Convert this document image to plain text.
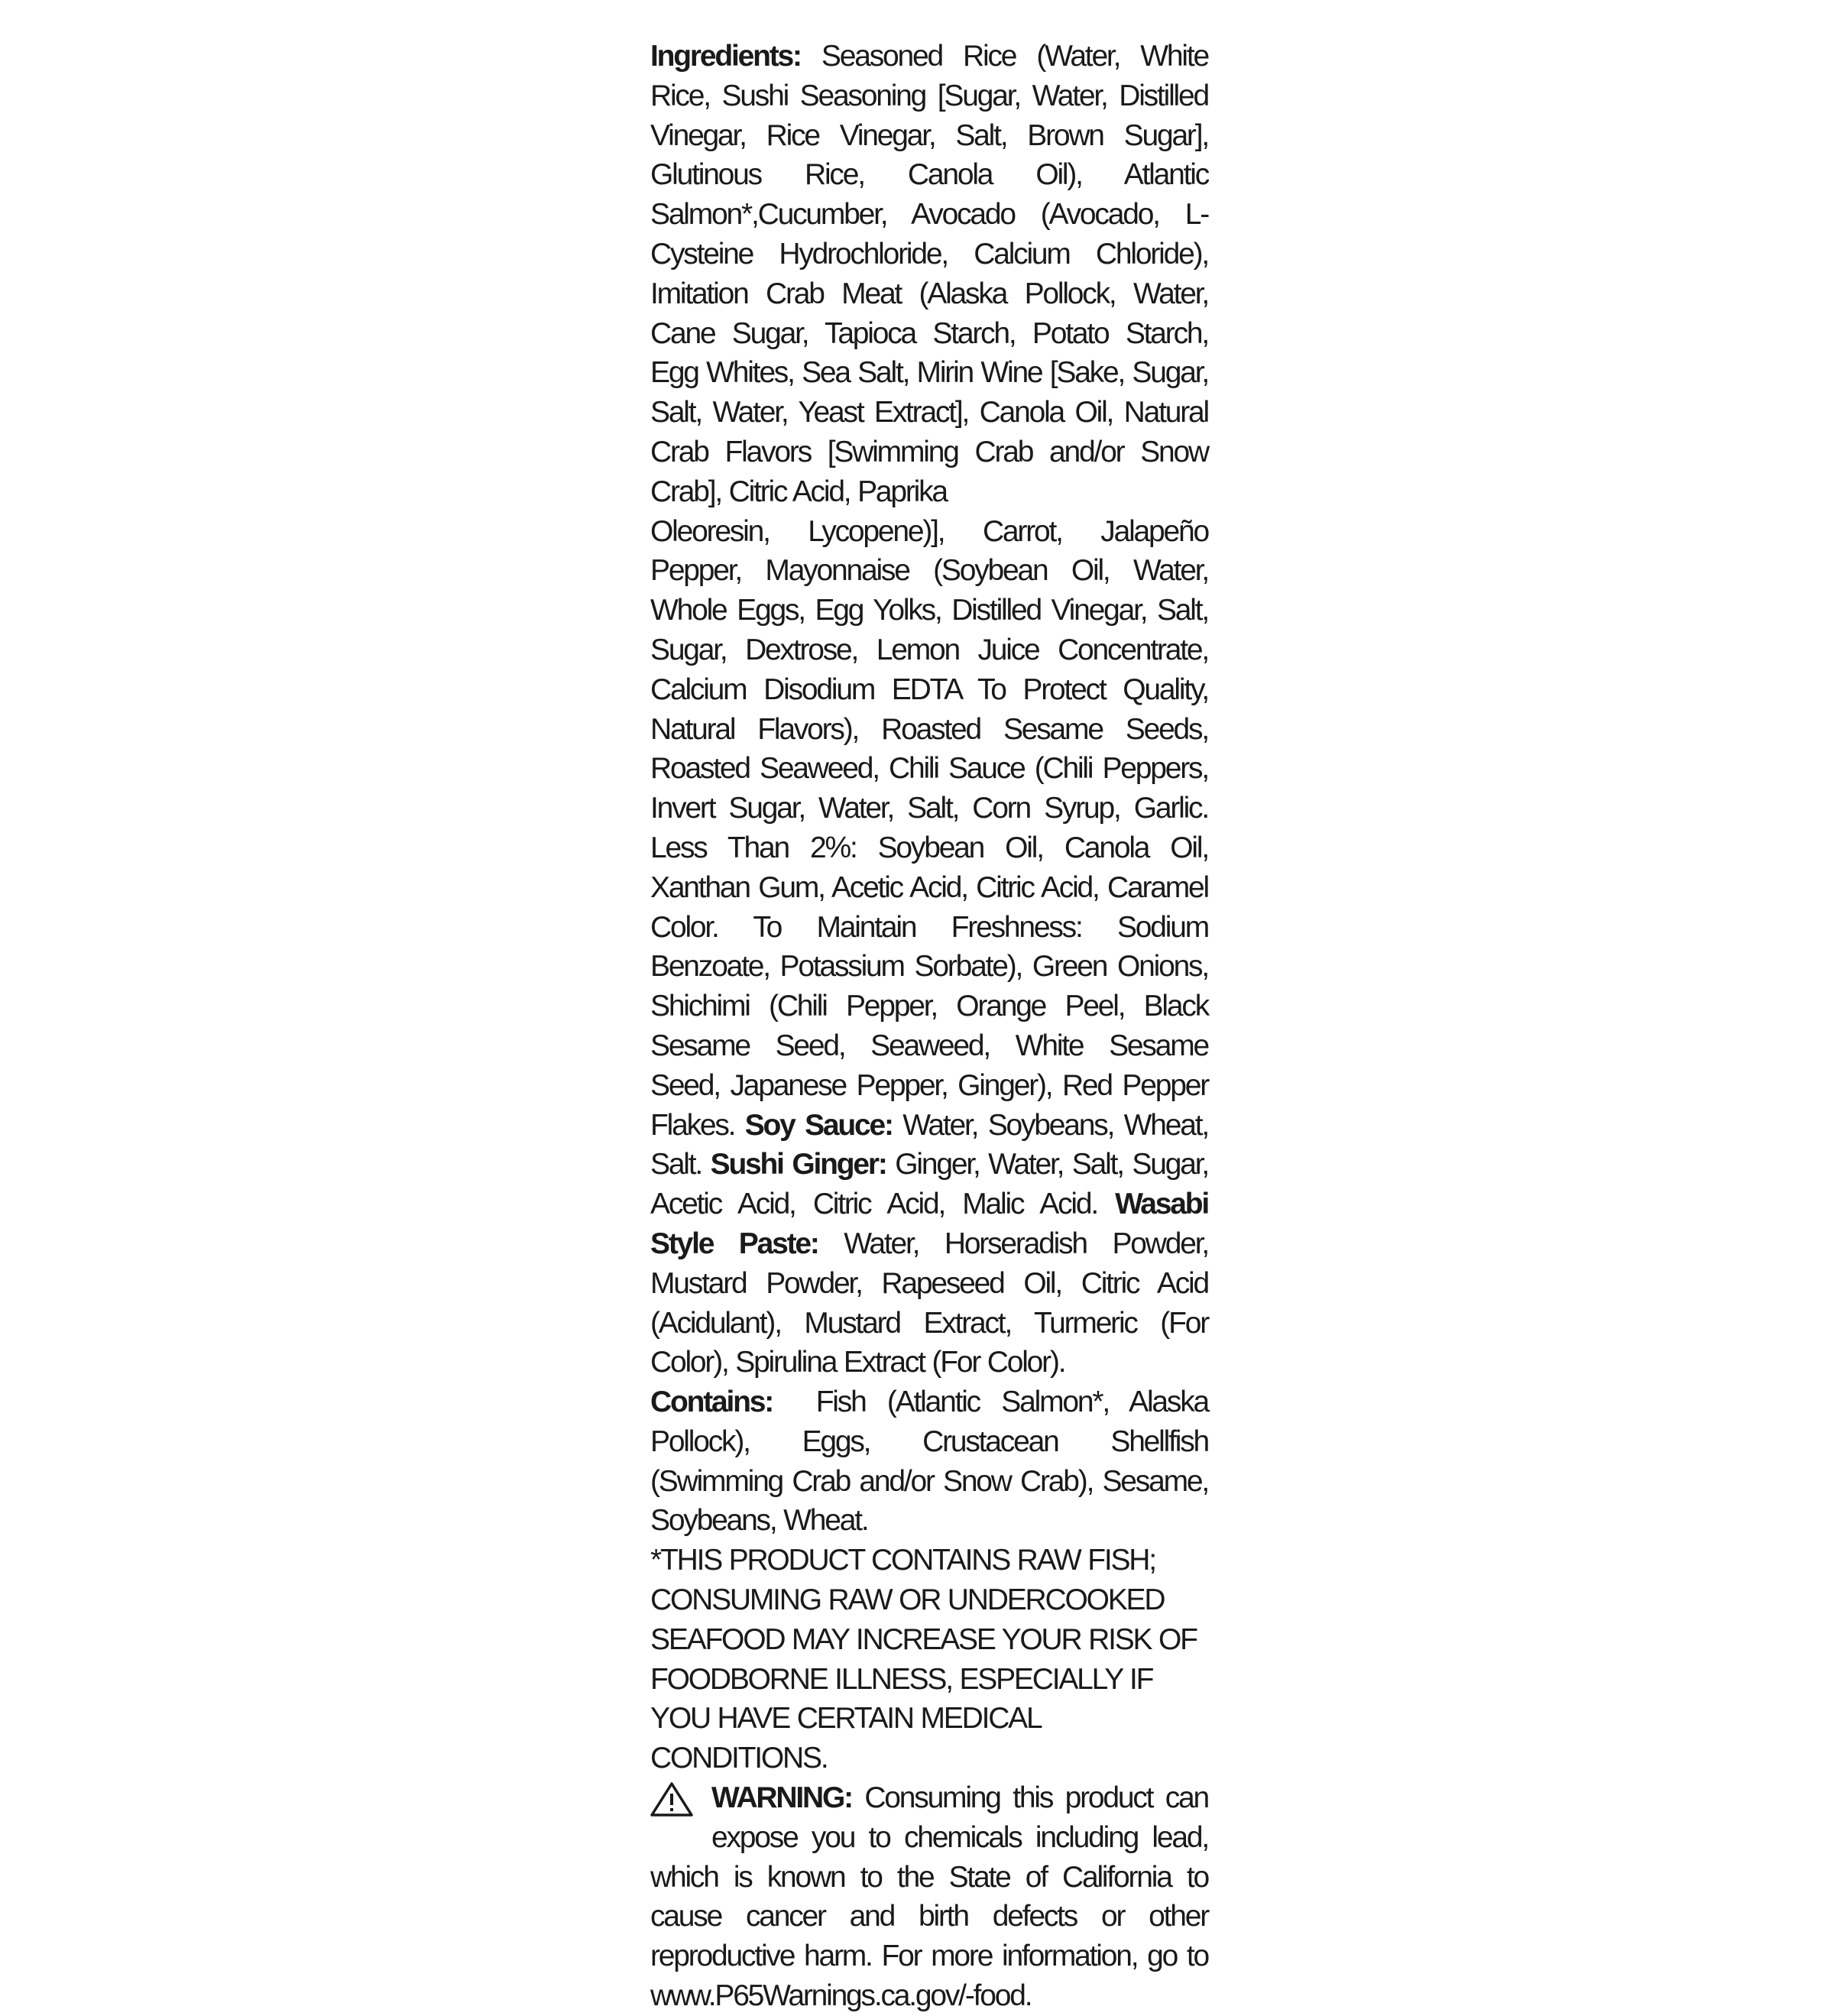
Ingredients: Seasoned Rice (Water, White Rice, Sushi Seasoning [Sugar, Water, Distilled Vinegar, Rice Vinegar, Salt, Brown Sugar], Glutinous Rice, Canola Oil), Atlantic Salmon*,Cucumber, Avocado (Avocado, L-Cysteine Hydrochloride, Calcium Chloride), Imitation Crab Meat (Alaska Pollock, Water, Cane Sugar, Tapioca Starch, Potato Starch, Egg Whites, Sea Salt, Mirin Wine [Sake, Sugar, Salt, Water, Yeast Extract], Canola Oil, Natural Crab Flavors [Swimming Crab and/or Snow Crab], Citric Acid, Paprika
Oleoresin, Lycopene)], Carrot, Jalapeño Pepper, Mayonnaise (Soybean Oil, Water, Whole Eggs, Egg Yolks, Distilled Vinegar, Salt, Sugar, Dextrose, Lemon Juice Concentrate, Calcium Disodium EDTA To Protect Quality, Natural Flavors), Roasted Sesame Seeds, Roasted Seaweed, Chili Sauce (Chili Peppers, Invert Sugar, Water, Salt, Corn Syrup, Garlic. Less Than 2%: Soybean Oil, Canola Oil, Xanthan Gum, Acetic Acid, Citric Acid, Caramel Color. To Maintain Freshness: Sodium Benzoate, Potassium Sorbate), Green Onions, Shichimi (Chili Pepper, Orange Peel, Black Sesame Seed, Seaweed, White Sesame Seed, Japanese Pepper, Ginger), Red Pepper Flakes. Soy Sauce: Water, Soybeans, Wheat, Salt. Sushi Ginger: Ginger, Water, Salt, Sugar, Acetic Acid, Citric Acid, Malic Acid. Wasabi Style Paste: Water, Horseradish Powder, Mustard Powder, Rapeseed Oil, Citric Acid (Acidulant), Mustard Extract, Turmeric (For Color), Spirulina Extract (For Color).

Contains:  Fish (Atlantic Salmon*, Alaska Pollock), Eggs, Crustacean Shellfish (Swimming Crab and/or Snow Crab), Sesame, Soybeans, Wheat.

*THIS PRODUCT CONTAINS RAW FISH; CONSUMING RAW OR UNDERCOOKED SEAFOOD MAY INCREASE YOUR RISK OF FOODBORNE ILLNESS, ESPECIALLY IF YOU HAVE CERTAIN MEDICAL CONDITIONS.

WARNING: Consuming this product can expose you to chemicals including lead, which is known to the State of California to cause cancer and birth defects or other reproductive harm. For more information, go to www.P65Warnings.ca.gov/-food.
